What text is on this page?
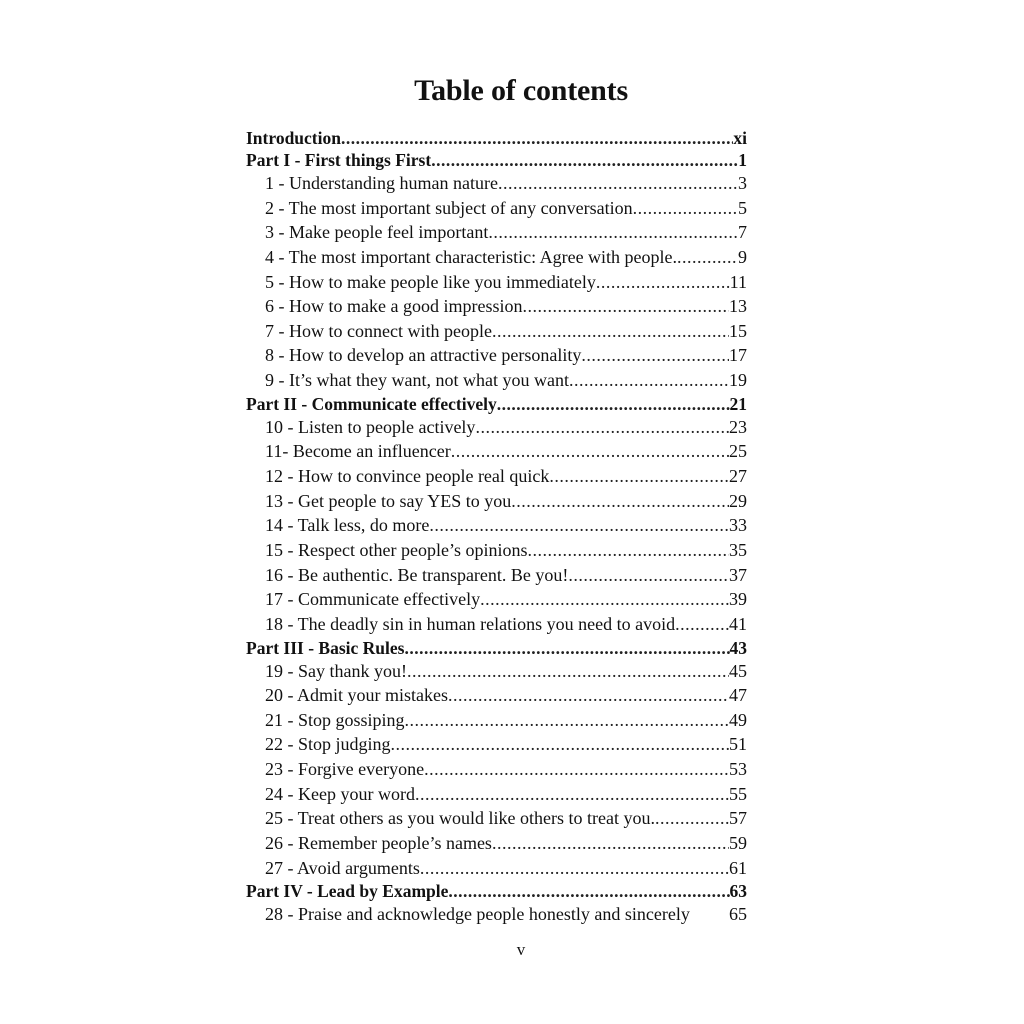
Table of contents
Introduction .....	xi
Part I - First things First .....	1
1 - Understanding human nature .....	3
2 - The most important subject of any conversation .....	5
3 - Make people feel important .....	7
4 - The most important characteristic: Agree with people. .....	9
5 - How to make people like you immediately .....	11
6 - How to make a good impression .....	13
7 - How to connect with people .....	15
8 - How to develop an attractive personality .....	17
9 - It’s what they want, not what you want .....	19
Part II - Communicate effectively .....	21
10 - Listen to people actively .....	23
11- Become an influencer .....	25
12 - How to convince people real quick .....	27
13 - Get people to say YES to you .....	29
14 - Talk less, do more .....	33
15 - Respect other people’s opinions .....	35
16 - Be authentic. Be transparent. Be you! .....	37
17 - Communicate effectively .....	39
18 - The deadly sin in human relations you need to avoid .....	41
Part III - Basic Rules .....	43
19 - Say thank you! .....	45
20 - Admit your mistakes .....	47
21 - Stop gossiping .....	49
22 - Stop judging .....	51
23 - Forgive everyone .....	53
24 - Keep your word .....	55
25 - Treat others as you would like others to treat you. .....	57
26 - Remember people’s names .....	59
27 - Avoid arguments .....	61
Part IV - Lead by Example .....	63
28 - Praise and acknowledge people honestly and sincerely 65
v
